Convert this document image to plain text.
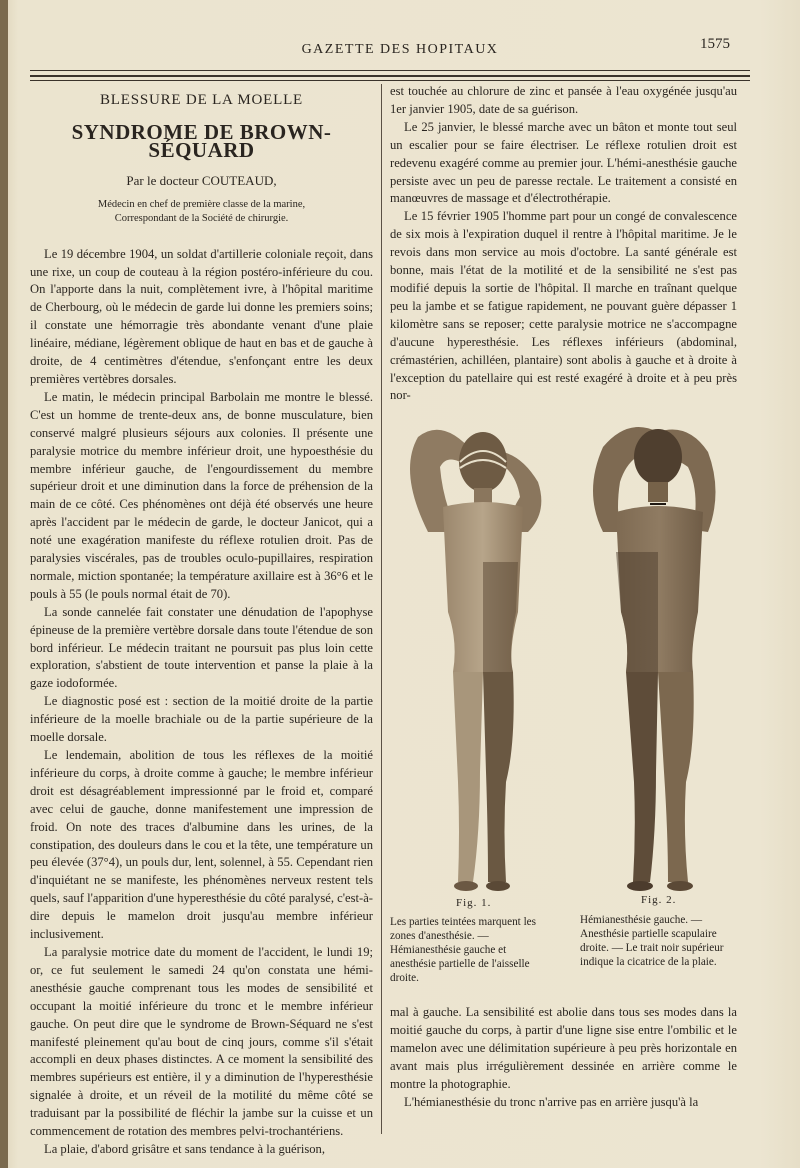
GAZETTE DES HOPITAUX	1575
BLESSURE DE LA MOELLE
SYNDROME DE BROWN-SÉQUARD
Par le docteur COUTEAUD,
Médecin en chef de première classe de la marine,
Correspondant de la Société de chirurgie.

Le 19 décembre 1904, un soldat d'artillerie coloniale reçoit, dans une rixe, un coup de couteau à la région postéro-inférieure du cou. On l'apporte dans la nuit, complètement ivre, à l'hôpital maritime de Cherbourg, où le médecin de garde lui donne les premiers soins; il constate une hémorragie très abondante venant d'une plaie linéaire, médiane, légèrement oblique de haut en bas et de gauche à droite, de 4 centimètres d'étendue, s'enfonçant entre les deux premières vertèbres dorsales.

Le matin, le médecin principal Barbolain me montre le blessé. C'est un homme de trente-deux ans, de bonne musculature, bien conservé malgré plusieurs séjours aux colonies. Il présente une paralysie motrice du membre inférieur droit, une hypoesthésie du membre inférieur gauche, de l'engourdissement du membre supérieur droit et une diminution dans la force de préhension de la main de ce côté. Ces phénomènes ont déjà été observés une heure après l'accident par le médecin de garde, le docteur Janicot, qui a noté une exagération manifeste du réflexe rotulien droit. Pas de paralysies viscérales, pas de troubles oculo-pupillaires, respiration normale, miction spontanée; la température axillaire est à 36°6 et le pouls à 55 (le pouls normal était de 70).

La sonde cannelée fait constater une dénudation de l'apophyse épineuse de la première vertèbre dorsale dans toute l'étendue de son bord inférieur. Le médecin traitant ne poursuit pas plus loin cette exploration, s'abstient de toute intervention et panse la plaie à la gaze iodoformée.

Le diagnostic posé est : section de la moitié droite de la partie inférieure de la moelle brachiale ou de la partie supérieure de la moelle dorsale.

Le lendemain, abolition de tous les réflexes de la moitié inférieure du corps, à droite comme à gauche; le membre inférieur droit est désagréablement impressionné par le froid et, comparé avec celui de gauche, donne manifestement une impression de froid. On note des traces d'albumine dans les urines, de la constipation, des douleurs dans le cou et la tête, une température un peu élevée (37°4), un pouls dur, lent, solennel, à 55. Cependant rien d'inquiétant ne se manifeste, les phénomènes nerveux restent tels quels, sauf l'apparition d'une hyperesthésie du côté paralysé, c'est-à-dire depuis le mamelon droit jusqu'au membre inférieur inclusivement.

La paralysie motrice date du moment de l'accident, le lundi 19; or, ce fut seulement le samedi 24 qu'on constata une hémi-anesthésie gauche comprenant tous les modes de sensibilité et occupant la moitié inférieure du tronc et le membre inférieur gauche. On peut dire que le syndrome de Brown-Séquard ne s'est manifesté pleinement qu'au bout de cinq jours, comme s'il s'était accompli en deux phases distinctes. A ce moment la sensibilité des membres supérieurs est entière, il y a diminution de l'hyperesthésie signalée à droite, et un réveil de la motilité du même côté se traduisant par la possibilité de fléchir la jambe sur la cuisse et un commencement de rotation des membres pelvi-trochantériens.

La plaie, d'abord grisâtre et sans tendance à la guérison,

est touchée au chlorure de zinc et pansée à l'eau oxygénée jusqu'au 1er janvier 1905, date de sa guérison.

Le 25 janvier, le blessé marche avec un bâton et monte tout seul un escalier pour se faire électriser. Le réflexe rotulien droit est redevenu exagéré comme au premier jour. L'hémi-anesthésie gauche persiste avec un peu de paresse rectale. Le traitement a consisté en manœuvres de massage et d'électrothérapie.

Le 15 février 1905 l'homme part pour un congé de convalescence de six mois à l'expiration duquel il rentre à l'hôpital maritime. Je le revois dans mon service au mois d'octobre. La santé générale est bonne, mais l'état de la motilité et de la sensibilité ne s'est pas modifié depuis la sortie de l'hôpital. Il marche en traînant quelque peu la jambe et se fatigue rapidement, ne pouvant guère dépasser 1 kilomètre sans se reposer; cette paralysie motrice ne s'accompagne d'aucune hyperesthésie. Les réflexes inférieurs (abdominal, crémastérien, achilléen, plantaire) sont abolis à gauche et à droite à l'exception du patellaire qui est resté exagéré à droite et à peu près nor-

Fig. 1.	Fig. 2.
Les parties teintées marquent les zones d'anesthésie. — Hémianesthésie gauche et anesthésie partielle de l'aisselle droite.
Hémianesthésie gauche. — Anesthésie partielle scapulaire droite. — Le trait noir supérieur indique la cicatrice de la plaie.

mal à gauche. La sensibilité est abolie dans tous ses modes dans la moitié gauche du corps, à partir d'une ligne sise entre l'ombilic et le mamelon avec une délimitation supérieure à peu près horizontale en avant mais plus irrégulièrement dessinée en arrière comme le montre la photographie.

L'hémianesthésie du tronc n'arrive pas en arrière jusqu'à la
